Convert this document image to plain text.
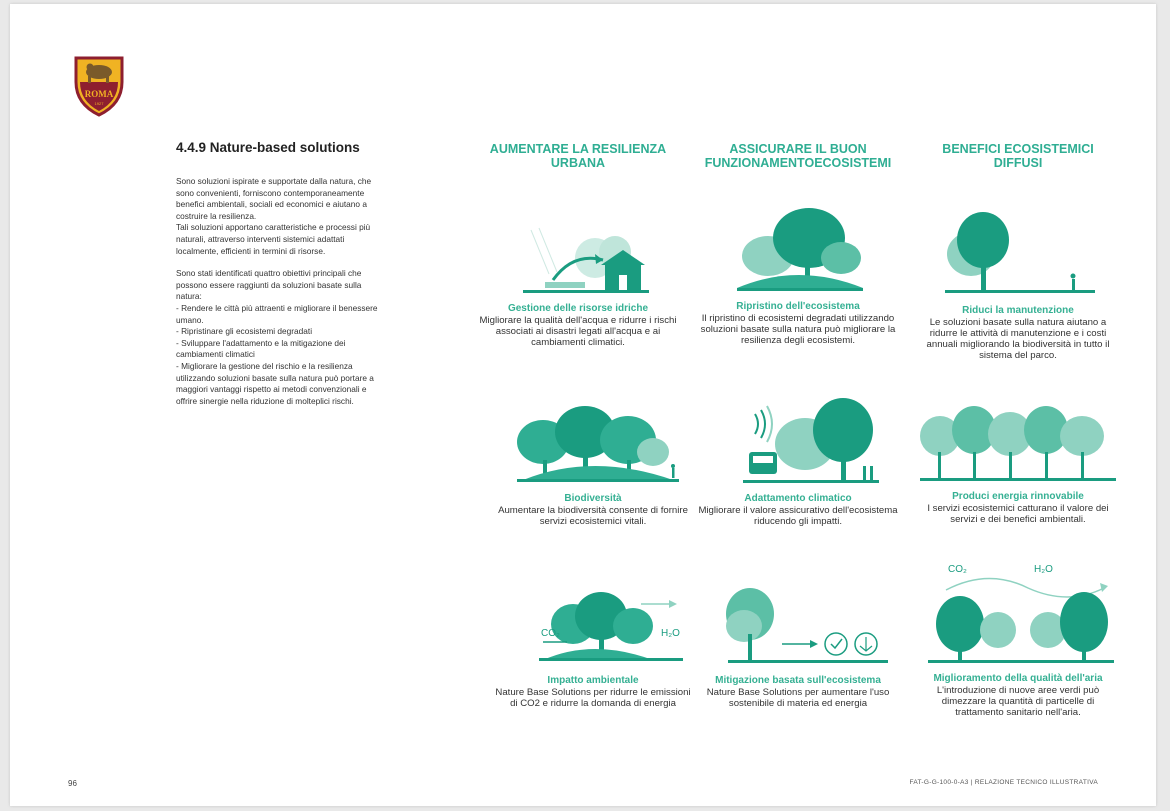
ROMA
1927
4.4.9 Nature-based solutions

Sono soluzioni ispirate e supportate dalla natura, che sono convenienti, forniscono contemporaneamente benefici ambientali, sociali ed economici e aiutano a costruire la resilienza.

Tali soluzioni apportano caratteristiche e processi più naturali, attraverso interventi sistemici adattati localmente, efficienti in termini di risorse.

Sono stati identificati quattro obiettivi principali che possono essere raggiunti da soluzioni basate sulla natura:

- Rendere le città più attraenti e migliorare il benessere umano.

- Ripristinare gli ecosistemi degradati

- Sviluppare l'adattamento e la mitigazione dei cambiamenti climatici

- Migliorare la gestione del rischio e la resilienza utilizzando soluzioni basate sulla natura può portare a maggiori vantaggi rispetto ai metodi convenzionali e offrire sinergie nella riduzione di molteplici rischi.

AUMENTARE LA RESILIENZA
URBANA
ASSICURARE IL BUON
FUNZIONAMENTOECOSISTEMI
BENEFICI ECOSISTEMICI
DIFFUSI
Gestione delle risorse idriche
Migliorare la qualità dell'acqua e ridurre i rischi associati ai disastri legati all'acqua e ai cambiamenti climatici.
Ripristino dell'ecosistema
Il ripristino di ecosistemi degradati utilizzando soluzioni basate sulla natura può migliorare la resilienza degli ecosistemi.
Riduci la manutenzione
Le soluzioni basate sulla natura aiutano a ridurre le attività di manutenzione e i costi annuali migliorando la biodiversità in tutto il sistema del parco.
Biodiversità
Aumentare la biodiversità consente di fornire servizi ecosistemici vitali.
Adattamento climatico
Migliorare il valore assicurativo dell'ecosistema riducendo gli impatti.
Produci energia rinnovabile
I servizi ecosistemici catturano il valore dei servizi e dei benefici ambientali.
CO₂	H₂O
Impatto ambientale
Nature Base Solutions per ridurre le emissioni di CO2 e ridurre la domanda di energia
Mitigazione basata sull'ecosistema
Nature Base Solutions per aumentare l'uso sostenibile di materia ed energia
CO₂	H₂O
Miglioramento della qualità dell'aria
L'introduzione di nuove aree verdi può dimezzare la quantità di particelle di trattamento sanitario nell'aria.
96	FAT-G-G-100-0-A3 | RELAZIONE TECNICO ILLUSTRATIVA
